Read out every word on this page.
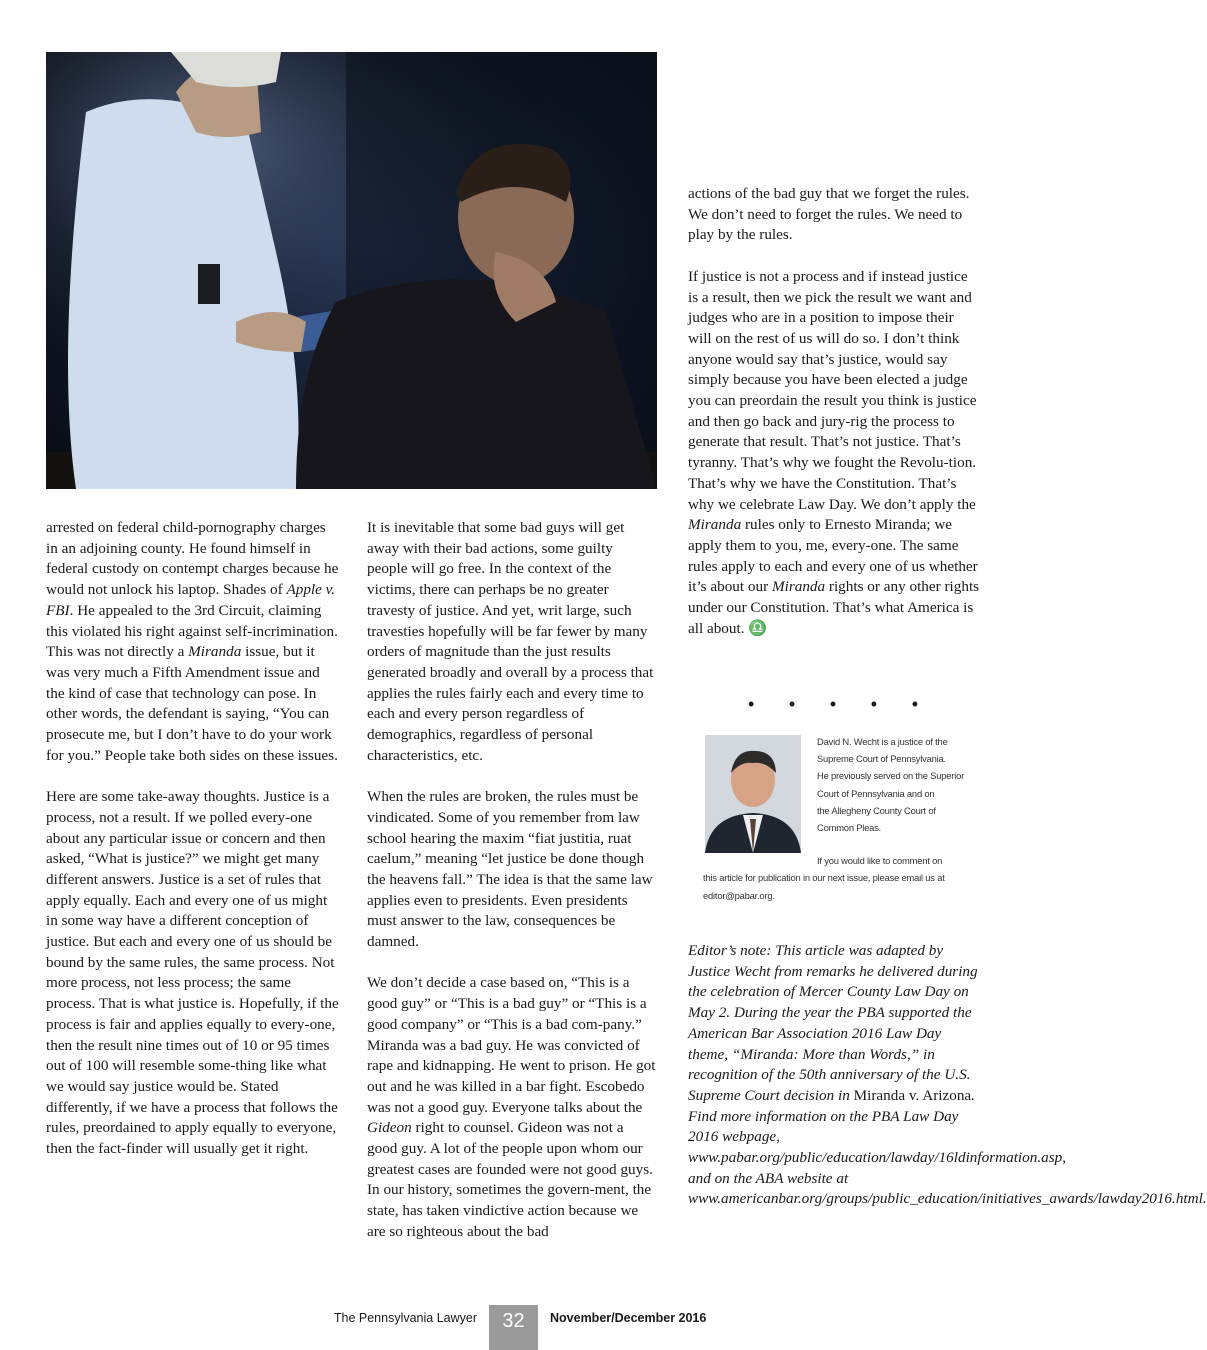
arrested on federal child-pornography charges in an adjoining county. He found himself in federal custody on contempt charges because he would not unlock his laptop. Shades of Apple v. FBI. He appealed to the 3rd Circuit, claiming this violated his right against self-incrimination. This was not directly a Miranda issue, but it was very much a Fifth Amendment issue and the kind of case that technology can pose. In other words, the defendant is saying, “You can prosecute me, but I don’t have to do your work for you.” People take both sides on these issues.

Here are some take-away thoughts. Justice is a process, not a result. If we polled every-one about any particular issue or concern and then asked, “What is justice?” we might get many different answers. Justice is a set of rules that apply equally. Each and every one of us might in some way have a different conception of justice. But each and every one of us should be bound by the same rules, the same process. Not more process, not less process; the same process. That is what justice is. Hopefully, if the process is fair and applies equally to every-one, then the result nine times out of 10 or 95 times out of 100 will resemble some-thing like what we would say justice would be. Stated differently, if we have a process that follows the rules, preordained to apply equally to everyone, then the fact-finder will usually get it right.

It is inevitable that some bad guys will get away with their bad actions, some guilty people will go free. In the context of the victims, there can perhaps be no greater travesty of justice. And yet, writ large, such travesties hopefully will be far fewer by many orders of magnitude than the just results generated broadly and overall by a process that applies the rules fairly each and every time to each and every person regardless of demographics, regardless of personal characteristics, etc.

When the rules are broken, the rules must be vindicated. Some of you remember from law school hearing the maxim “fiat justitia, ruat caelum,” meaning “let justice be done though the heavens fall.” The idea is that the same law applies even to presidents. Even presidents must answer to the law, consequences be damned.

We don’t decide a case based on, “This is a good guy” or “This is a bad guy” or “This is a good company” or “This is a bad com-pany.” Miranda was a bad guy. He was convicted of rape and kidnapping. He went to prison. He got out and he was killed in a bar fight. Escobedo was not a good guy. Everyone talks about the Gideon right to counsel. Gideon was not a good guy. A lot of the people upon whom our greatest cases are founded were not good guys. In our history, sometimes the govern-ment, the state, has taken vindictive action because we are so righteous about the bad

actions of the bad guy that we forget the rules. We don’t need to forget the rules. We need to play by the rules.

If justice is not a process and if instead justice is a result, then we pick the result we want and judges who are in a position to impose their will on the rest of us will do so. I don’t think anyone would say that’s justice, would say simply because you have been elected a judge you can preordain the result you think is justice and then go back and jury-rig the process to generate that result. That’s not justice. That’s tyranny. That’s why we fought the Revolu-tion. That’s why we have the Constitution. That’s why we celebrate Law Day. We don’t apply the Miranda rules only to Ernesto Miranda; we apply them to you, me, every-one. The same rules apply to each and every one of us whether it’s about our Miranda rights or any other rights under our Constitution. That’s what America is all about. ♎

• • • • •
David N. Wecht is a justice of the
Supreme Court of Pennsylvania.
He previously served on the Superior
Court of Pennsylvania and on
the Allegheny County Court of
Common Pleas.
If you would like to comment on
this article for publication in our next issue, please email us at
editor@pabar.org.
Editor’s note: This article was adapted by Justice Wecht from remarks he delivered during the celebration of Mercer County Law Day on May 2. During the year the PBA supported the American Bar Association 2016 Law Day theme, “Miranda: More than Words,” in recognition of the 50th anniversary of the U.S. Supreme Court decision in Miranda v. Arizona. Find more information on the PBA Law Day 2016 webpage, www.pabar.org/public/education/lawday/16ldinformation.asp, and on the ABA website at www.americanbar.org/groups/public_education/initiatives_awards/lawday2016.html.
The Pennsylvania Lawyer	32	November/December 2016
